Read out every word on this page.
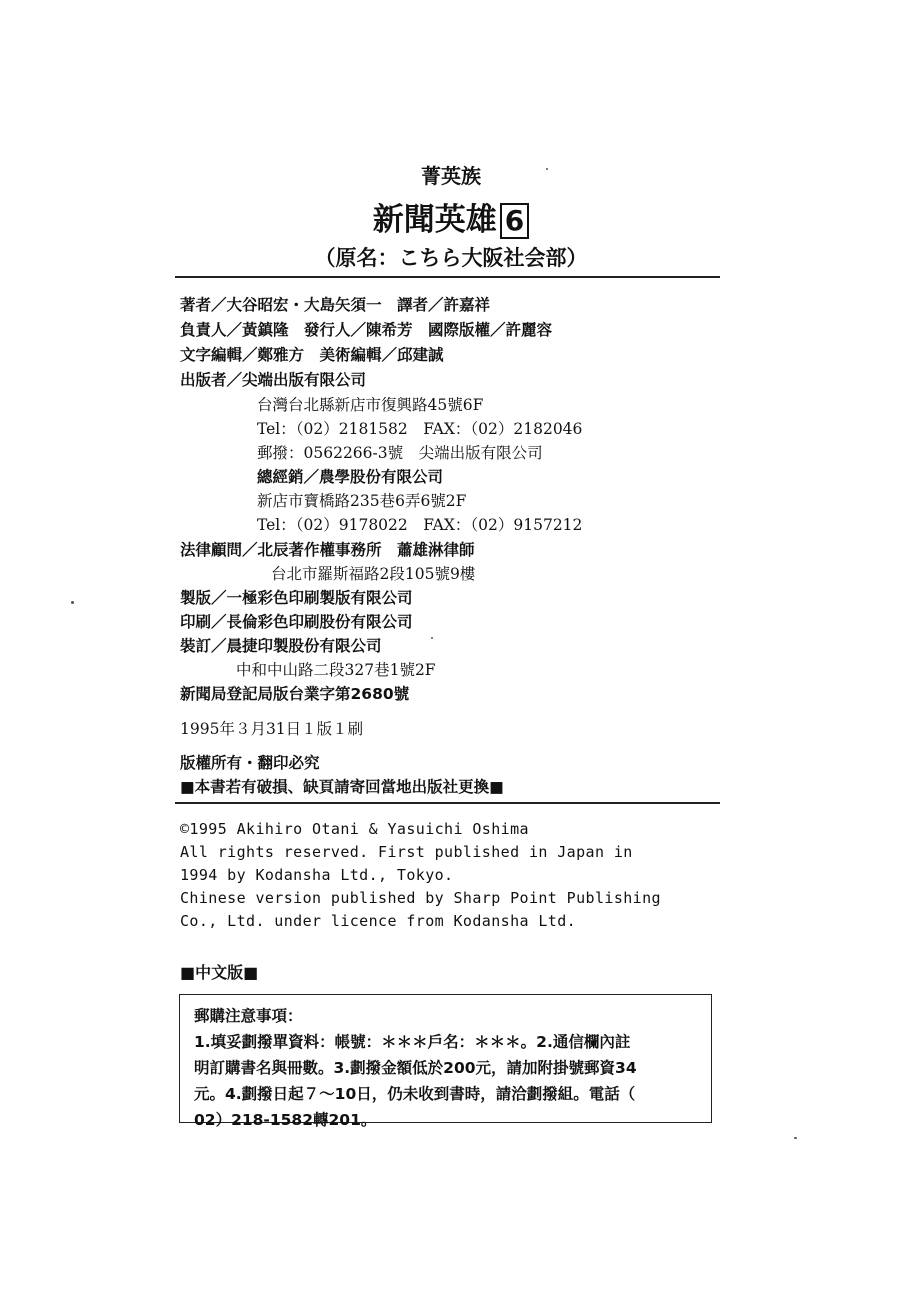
菁英族
新聞英雄 6
（原名：こちら大阪社会部）
著者／大谷昭宏・大島矢須一　譯者／許嘉祥
負責人／黃鎮隆　發行人／陳希芳　國際版權／許麗容
文字編輯／鄭雅方　美術編輯／邱建誠
出版者／尖端出版有限公司
台灣台北縣新店市復興路45號6F
Tel：（02）2181582　FAX：（02）2182046
郵撥：0562266-3號　尖端出版有限公司
總經銷／農學股份有限公司
新店市寶橋路235巷6弄6號2F
Tel：（02）9178022　FAX：（02）9157212
法律顧問／北辰著作權事務所　蕭雄淋律師
台北市羅斯福路2段105號9樓
製版／一極彩色印刷製版有限公司
印刷／長倫彩色印刷股份有限公司
裝訂／晨捷印製股份有限公司
中和中山路二段327巷1號2F
新聞局登記局版台業字第2680號
1995年３月31日１版１刷
版權所有・翻印必究
■本書若有破損、缺頁請寄回當地出版社更換■
©1995 Akihiro Otani & Yasuichi Oshima
All rights reserved. First published in Japan in
1994 by Kodansha Ltd., Tokyo.
Chinese version published by Sharp Point Publishing
Co., Ltd. under licence from Kodansha Ltd.
■中文版■
郵購注意事項：
1.填妥劃撥單資料：帳號：＊＊＊戶名：＊＊＊。2.通信欄內註
明訂購書名與冊數。3.劃撥金額低於200元，請加附掛號郵資34
元。4.劃撥日起７～10日，仍未收到書時，請洽劃撥組。電話（
02）218-1582轉201。
